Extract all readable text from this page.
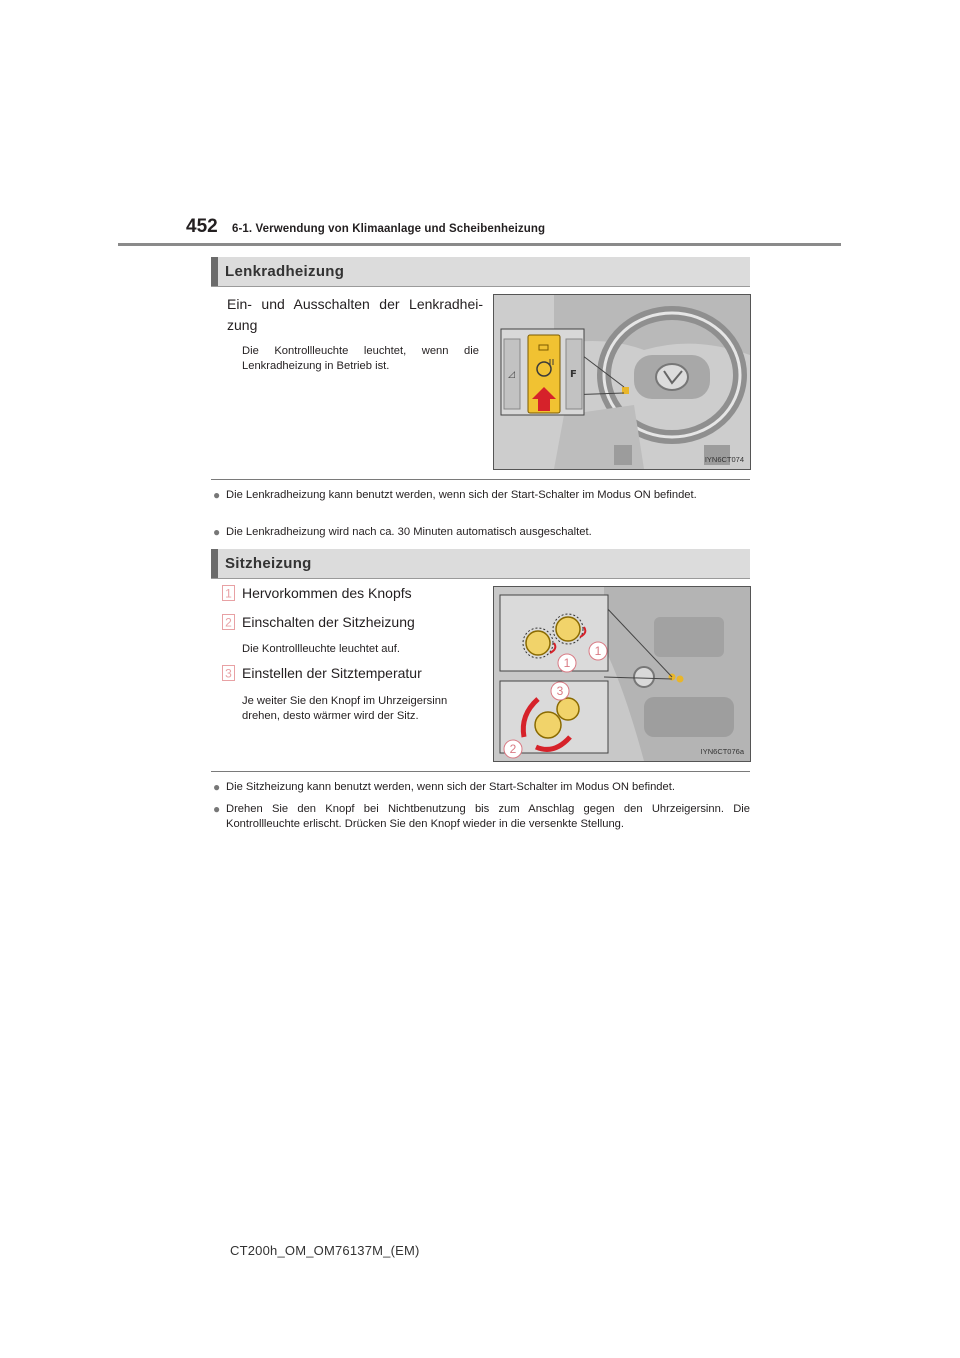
452 6-1. Verwendung von Klimaanlage und Scheibenheizung
Lenkradheizung
Ein- und Ausschalten der Lenkradhei-zung
Die Kontrollleuchte leuchtet, wenn die Lenkradheizung in Betrieb ist.
◿	F
IYN6CT074
● Die Lenkradheizung kann benutzt werden, wenn sich der Start-Schalter im Modus ON befindet.
● Die Lenkradheizung wird nach ca. 30 Minuten automatisch ausgeschaltet.
Sitzheizung
1 Hervorkommen des Knopfs
2 Einschalten der Sitzheizung
Die Kontrollleuchte leuchtet auf.
3 Einstellen der Sitztemperatur
Je weiter Sie den Knopf im Uhrzeigersinn drehen, desto wärmer wird der Sitz.
1
1
3
2	IYN6CT076a
● Die Sitzheizung kann benutzt werden, wenn sich der Start-Schalter im Modus ON befindet.
● Drehen Sie den Knopf bei Nichtbenutzung bis zum Anschlag gegen den Uhrzeigersinn. Die Kontrollleuchte erlischt. Drücken Sie den Knopf wieder in die versenkte Stellung.
CT200h_OM_OM76137M_(EM)
